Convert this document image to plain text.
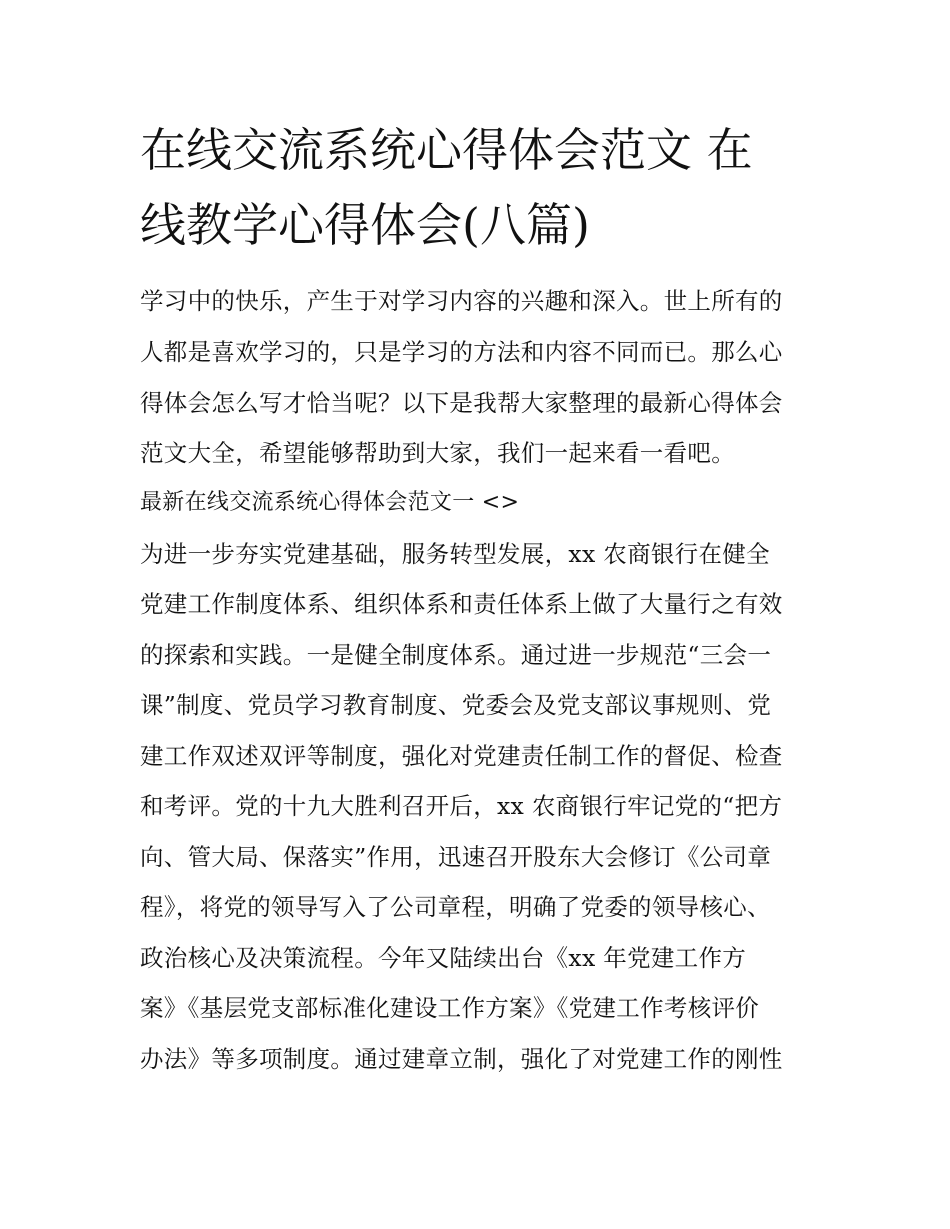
在线交流系统心得体会范文 在
线教学心得体会(八篇)
学习中的快乐，产生于对学习内容的兴趣和深入。世上所有的
人都是喜欢学习的，只是学习的方法和内容不同而已。那么心
得体会怎么写才恰当呢？以下是我帮大家整理的最新心得体会
范文大全，希望能够帮助到大家，我们一起来看一看吧。
最新在线交流系统心得体会范文一 <>
为进一步夯实党建基础，服务转型发展，xx 农商银行在健全
党建工作制度体系、组织体系和责任体系上做了大量行之有效
的探索和实践。一是健全制度体系。通过进一步规范“三会一
课”制度、党员学习教育制度、党委会及党支部议事规则、党
建工作双述双评等制度，强化对党建责任制工作的督促、检查
和考评。党的十九大胜利召开后，xx 农商银行牢记党的“把方
向、管大局、保落实”作用，迅速召开股东大会修订《公司章
程》，将党的领导写入了公司章程，明确了党委的领导核心、
政治核心及决策流程。今年又陆续出台《xx 年党建工作方
案》《基层党支部标准化建设工作方案》《党建工作考核评价
办法》等多项制度。通过建章立制，强化了对党建工作的刚性
